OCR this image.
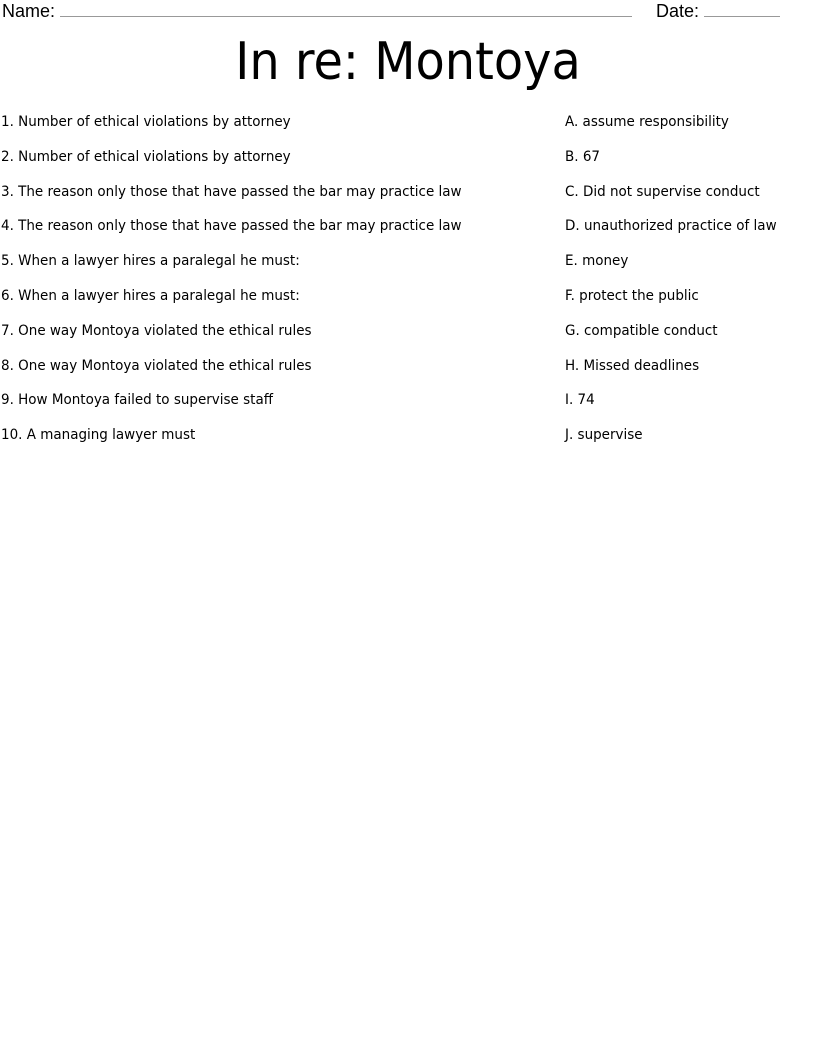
Name:	Date:
In re: Montoya
1. Number of ethical violations by attorney
2. Number of ethical violations by attorney
3. The reason only those that have passed the bar may practice law
4. The reason only those that have passed the bar may practice law
5. When a lawyer hires a paralegal he must:
6. When a lawyer hires a paralegal he must:
7. One way Montoya violated the ethical rules
8. One way Montoya violated the ethical rules
9. How Montoya failed to supervise staff
10. A managing lawyer must
A. assume responsibility
B. 67
C. Did not supervise conduct
D. unauthorized practice of law
E. money
F. protect the public
G. compatible conduct
H. Missed deadlines
I. 74
J. supervise
